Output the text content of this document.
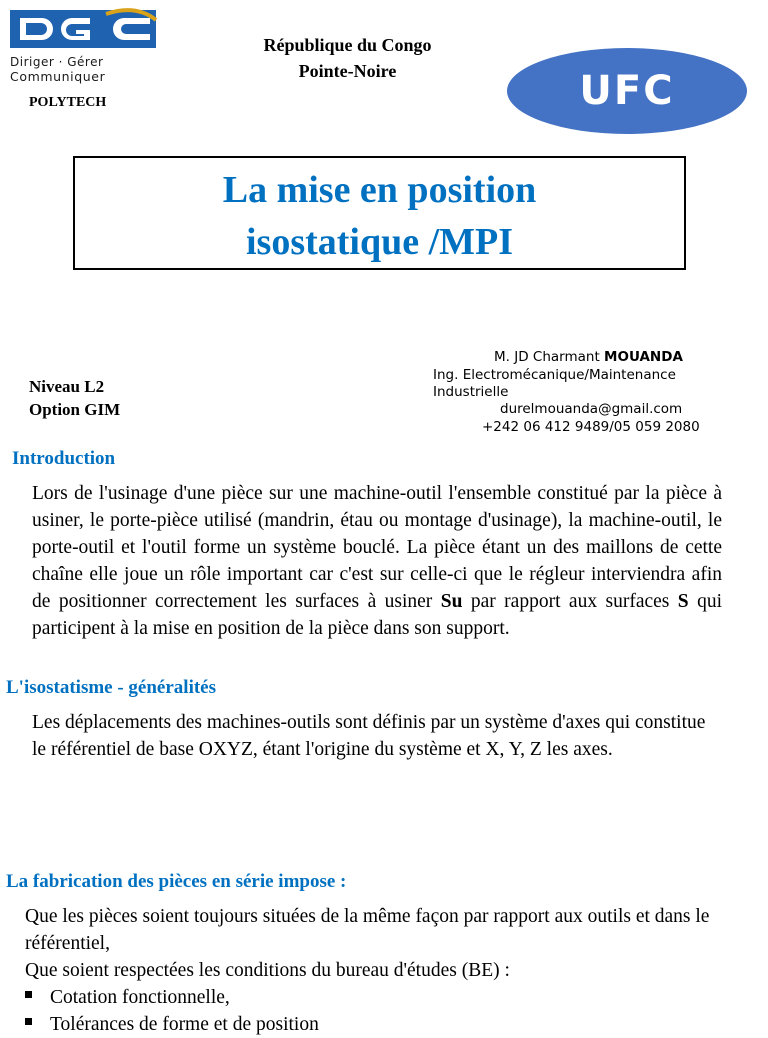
Diriger · Gérer
Communiquer
POLYTECH
République du Congo
Pointe-Noire	UFC
La mise en position
isostatique /MPI
Niveau L2
Option GIM
M. JD Charmant MOUANDA
Ing. Electromécanique/Maintenance
Industrielle
durelmouanda@gmail.com
+242 06 412 9489/05 059 2080
Introduction
Lors de l'usinage d'une pièce sur une machine-outil l'ensemble constitué par la pièce à usiner, le porte-pièce utilisé (mandrin, étau ou montage d'usinage), la machine-outil, le porte-outil et l'outil forme un système bouclé. La pièce étant un des maillons de cette chaîne elle joue un rôle important car c'est sur celle-ci que le régleur interviendra afin de positionner correctement les surfaces à usiner Su par rapport aux surfaces S qui participent à la mise en position de la pièce dans son support.
L'isostatisme - généralités
Les déplacements des machines-outils sont définis par un système d'axes qui constitue le référentiel de base OXYZ, étant l'origine du système et X, Y, Z les axes.
La fabrication des pièces en série impose :
Que les pièces soient toujours situées de la même façon par rapport aux outils et dans le référentiel,
Que soient respectées les conditions du bureau d'études (BE) :
Cotation fonctionnelle,
Tolérances de forme et de position
